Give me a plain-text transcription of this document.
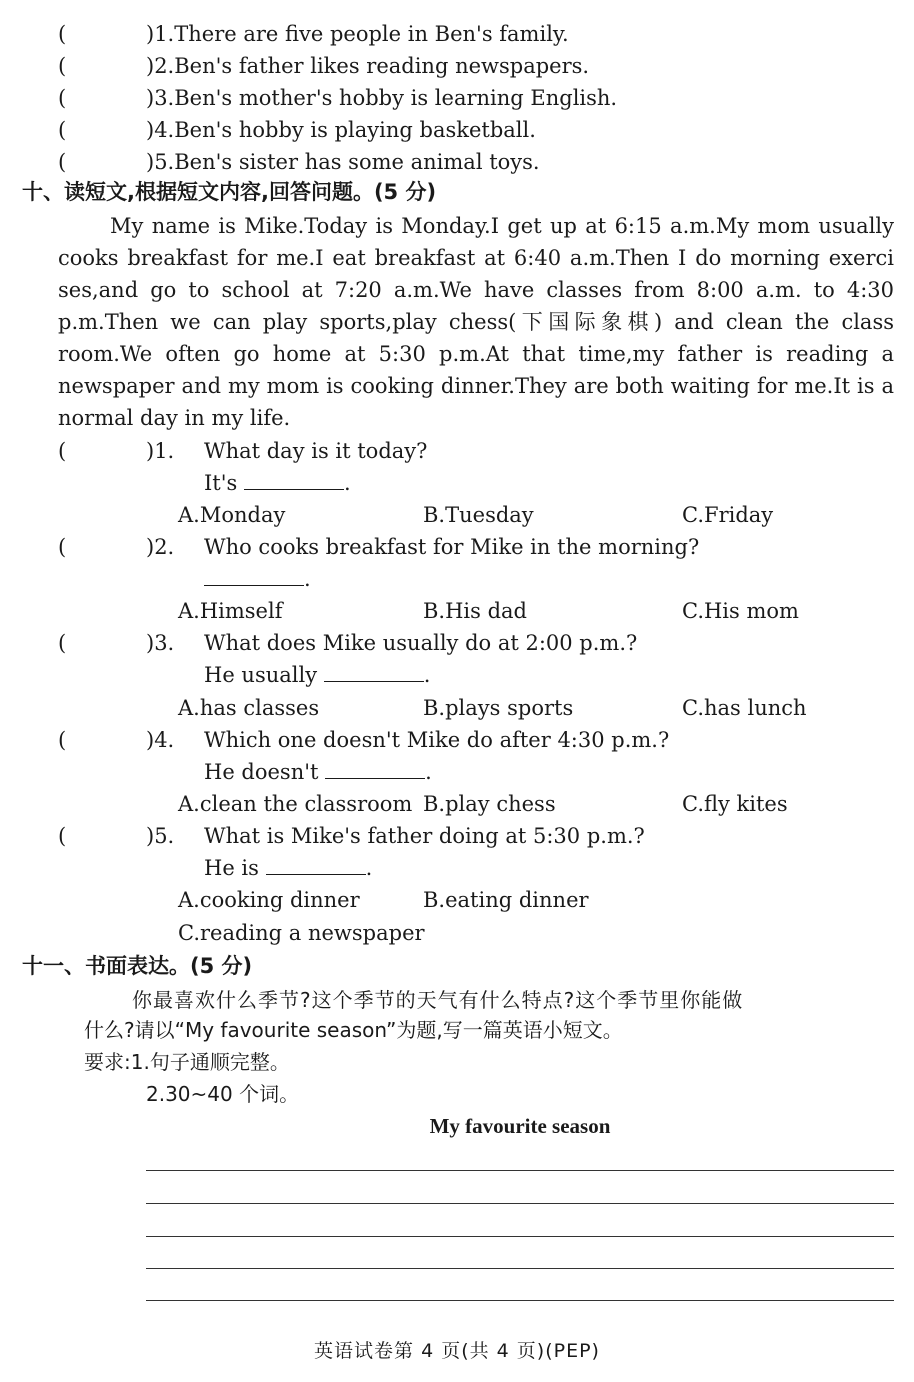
(	)1.There are five people in Ben's family.
(	)2.Ben's father likes reading newspapers.
(	)3.Ben's mother's hobby is learning English.
(	)4.Ben's hobby is playing basketball.
(	)5.Ben's sister has some animal toys.
十、读短文,根据短文内容,回答问题。(5 分)
My name is Mike.Today is Monday.I get up at 6:15 a.m.My mom usually
cooks breakfast for me.I eat breakfast at 6:40 a.m.Then I do morning exerci
ses,and go to school at 7:20 a.m.We have classes from 8:00 a.m. to 4:30
p.m.Then we can play sports,play chess(下国际象棋) and clean the class
room.We often go home at 5:30 p.m.At that time,my father is reading a
newspaper and my mom is cooking dinner.They are both waiting for me.It is a
normal day in my life.
(	)1. What day is it today?
It's	.
A.Monday	B.Tuesday	C.Friday
(	)2. Who cooks breakfast for Mike in the morning?
.
A.Himself	B.His dad	C.His mom
(	)3. What does Mike usually do at 2:00 p.m.?
He usually	.
A.has classes	B.plays sports	C.has lunch
(	)4. Which one doesn't Mike do after 4:30 p.m.?
He doesn't	.
A.clean the classroom B.play chess	C.fly kites
(	)5. What is Mike's father doing at 5:30 p.m.?
He is	.
A.cooking dinner	B.eating dinner
C.reading a newspaper
十一、书面表达。(5 分)
你最喜欢什么季节?这个季节的天气有什么特点?这个季节里你能做
什么?请以“My favourite season”为题,写一篇英语小短文。
要求:1.句子通顺完整。
2.30~40 个词。
My favourite season
英语试卷第 4 页(共 4 页)(PEP)
